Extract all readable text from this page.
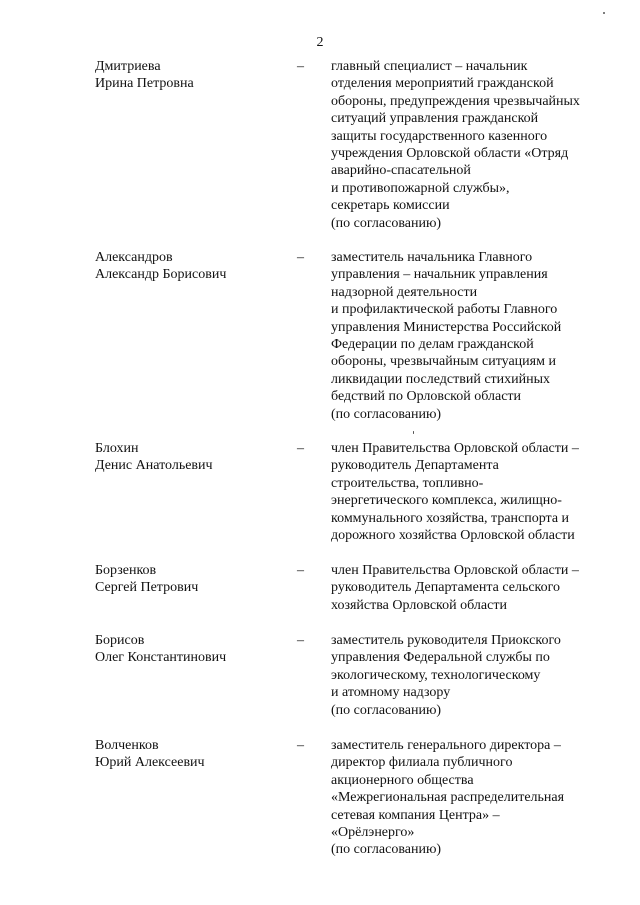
2
Дмитриева
Ирина Петровна
– главный специалист – начальник
отделения мероприятий гражданской
обороны, предупреждения чрезвычайных
ситуаций управления гражданской
защиты государственного казенного
учреждения Орловской области «Отряд
аварийно-спасательной
и противопожарной службы»,
секретарь комиссии
(по согласованию)
Александров
Александр Борисович
– заместитель начальника Главного
управления – начальник управления
надзорной деятельности
и профилактической работы Главного
управления Министерства Российской
Федерации по делам гражданской
обороны, чрезвычайным ситуациям и
ликвидации последствий стихийных
бедствий по Орловской области
(по согласованию)
Блохин
Денис Анатольевич
– член Правительства Орловской области –
руководитель Департамента
строительства, топливно-
энергетического комплекса, жилищно-
коммунального хозяйства, транспорта и
дорожного хозяйства Орловской области
Борзенков
Сергей Петрович
– член Правительства Орловской области –
руководитель Департамента сельского
хозяйства Орловской области
Борисов
Олег Константинович
– заместитель руководителя Приокского
управления Федеральной службы по
экологическому, технологическому
и атомному надзору
(по согласованию)
Волченков
Юрий Алексеевич
– заместитель генерального директора –
директор филиала публичного
акционерного общества
«Межрегиональная распределительная
сетевая компания Центра» –
«Орёлэнерго»
(по согласованию)
